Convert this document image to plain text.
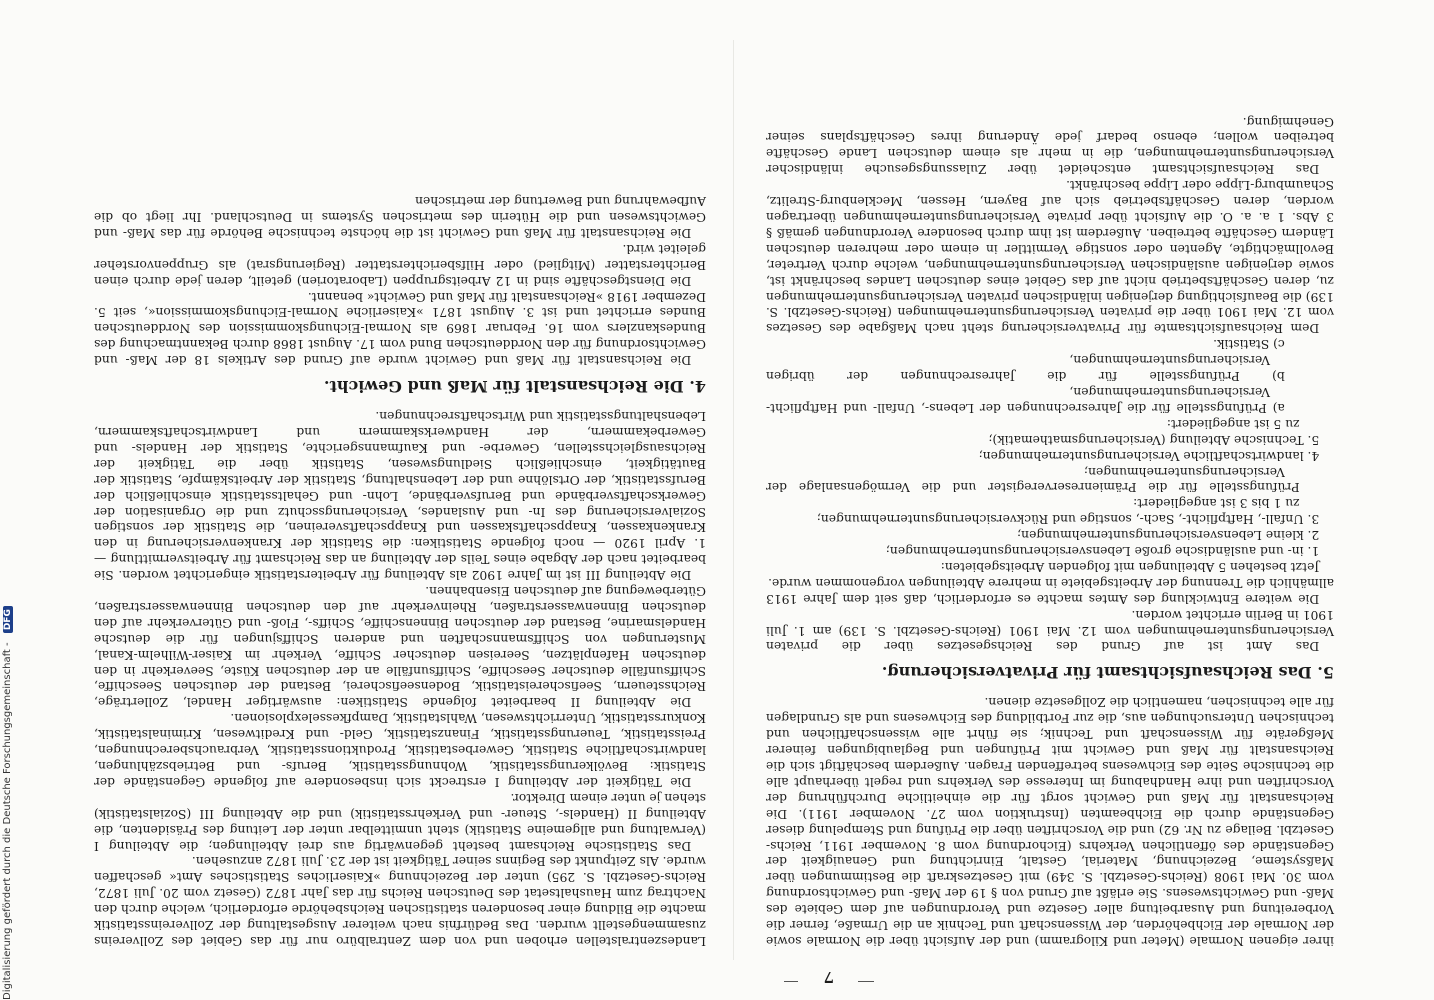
7

ihrer eigenen Normale (Meter und Kilogramm) und der Aufsicht über die Normale sowie der Normale der Eichbehörden, der Wissenschaft und Technik an die Urmaße, ferner die Vorbereitung und Ausarbeitung aller Gesetze und Verordnungen auf dem Gebiete des Maß- und Gewichtswesens. Sie erläßt auf Grund von § 19 der Maß- und Gewichtsordnung vom 30. Mai 1908 (Reichs-Gesetzbl. S. 349) mit Gesetzeskraft die Bestimmungen über Maßsysteme, Bezeichnung, Material, Gestalt, Einrichtung und Genauigkeit der Gegenstände des öffentlichen Verkehrs (Eichordnung vom 8. November 1911, Reichs-Gesetzbl. Beilage zu Nr. 62) und die Vorschriften über die Prüfung und Stempelung dieser Gegenstände durch die Eichbeamten (Instruktion vom 27. November 1911). Die Reichsanstalt für Maß und Gewicht sorgt für die einheitliche Durchführung der Vorschriften und ihre Handhabung im Interesse des Verkehrs und regelt überhaupt alle die technische Seite des Eichwesens betreffenden Fragen. Außerdem beschäftigt sich die Reichsanstalt für Maß und Gewicht mit Prüfungen und Beglaubigungen feinerer Meßgeräte für Wissenschaft und Technik; sie führt alle wissenschaftlichen und technischen Untersuchungen aus, die zur Fortbildung des Eichwesens und als Grundlagen für alle technischen, namentlich die Zollgesetze dienen.

5. Das Reichsaufsichtsamt für Privatversicherung.

Das Amt ist auf Grund des Reichsgesetzes über die privaten Versicherungsunternehmungen vom 12. Mai 1901 (Reichs-Gesetzbl. S. 139) am 1. Juli 1901 in Berlin errichtet worden.

Die weitere Entwicklung des Amtes machte es erforderlich, daß seit dem Jahre 1913 allmählich die Trennung der Arbeitsgebiete in mehrere Abteilungen vorgenommen wurde.

Jetzt bestehen 5 Abteilungen mit folgenden Arbeitsgebieten:

1. in- und ausländische große Lebensversicherungsunternehmungen;

2. kleine Lebensversicherungsunternehmungen;

3. Unfall-, Haftpflicht-, Sach-, sonstige und Rückversicherungsunternehmungen;

zu 1 bis 3 ist angegliedert:

Prüfungsstelle für die Prämienreserveregister und die Vermögensanlage der Versicherungsunternehmungen;

4. landwirtschaftliche Versicherungsunternehmungen;

5. Technische Abteilung (Versicherungsmathematik);

zu 5 ist angegliedert:

a) Prüfungsstelle für die Jahresrechnungen der Lebens-, Unfall- und Haftpflicht-Versicherungsunternehmungen,

b) Prüfungsstelle für die Jahresrechnungen der übrigen Versicherungsunternehmungen,

c) Statistik.

Dem Reichsaufsichtsamte für Privatversicherung steht nach Maßgabe des Gesetzes vom 12. Mai 1901 über die privaten Versicherungsunternehmungen (Reichs-Gesetzbl. S. 139) die Beaufsichtigung derjenigen inländischen privaten Versicherungsunternehmungen zu, deren Geschäftsbetrieb nicht auf das Gebiet eines deutschen Landes beschränkt ist, sowie derjenigen ausländischen Versicherungsunternehmungen, welche durch Vertreter, Bevollmächtigte, Agenten oder sonstige Vermittler in einem oder mehreren deutschen Ländern Geschäfte betreiben. Außerdem ist ihm durch besondere Verordnungen gemäß § 3 Abs. 1 a. a. O. die Aufsicht über private Versicherungsunternehmungen übertragen worden, deren Geschäftsbetrieb sich auf Bayern, Hessen, Mecklenburg-Strelitz, Schaumburg-Lippe oder Lippe beschränkt.

Das Reichsaufsichtsamt entscheidet über Zulassungsgesuche inländischer Versicherungsunternehmungen, die in mehr als einem deutschen Lande Geschäfte betreiben wollen; ebenso bedarf jede Änderung ihres Geschäftsplans seiner Genehmigung.

Landeszentralstellen erhoben und von dem Zentralbüro nur für das Gebiet des Zollvereins zusammengestellt wurden. Das Bedürfnis nach weiterer Ausgestaltung der Zollvereinsstatistik machte die Bildung einer besonderen statistischen Reichsbehörde erforderlich, welche durch den Nachtrag zum Haushaltsetat des Deutschen Reichs für das Jahr 1872 (Gesetz vom 20. Juli 1872, Reichs-Gesetzbl. S. 295) unter der Bezeichnung »Kaiserliches Statistisches Amt« geschaffen wurde. Als Zeitpunkt des Beginns seiner Tätigkeit ist der 23. Juli 1872 anzusehen.

Das Statistische Reichsamt besteht gegenwärtig aus drei Abteilungen; die Abteilung I (Verwaltung und allgemeine Statistik) steht unmittelbar unter der Leitung des Präsidenten, die Abteilung II (Handels-, Steuer- und Verkehrsstatistik) und die Abteilung III (Sozialstatistik) stehen je unter einem Direktor.

Die Tätigkeit der Abteilung I erstreckt sich insbesondere auf folgende Gegenstände der Statistik: Bevölkerungsstatistik, Wohnungsstatistik, Berufs- und Betriebszählungen, landwirtschaftliche Statistik, Gewerbestatistik, Produktionsstatistik, Verbrauchsberechnungen, Preisstatistik, Teuerungsstatistik, Finanzstatistik, Geld- und Kreditwesen, Kriminalstatistik, Konkursstatistik, Unterrichtswesen, Wahlstatistik, Dampfkesselexplosionen.

Die Abteilung II bearbeitet folgende Statistiken: auswärtiger Handel, Zollerträge, Reichssteuern, Seefischereistatistik, Bodenseefischerei, Bestand der deutschen Seeschiffe, Schiffsunfälle deutscher Seeschiffe, Schiffsunfälle an der deutschen Küste, Seeverkehr in den deutschen Hafenplätzen, Seereisen deutscher Schiffe, Verkehr im Kaiser-Wilhelm-Kanal, Musterungen von Schiffsmannschaften und anderen Schiffsjungen für die deutsche Handelsmarine, Bestand der deutschen Binnenschiffe, Schiffs-, Floß- und Güterverkehr auf den deutschen Binnenwasserstraßen, Rheinverkehr auf den deutschen Binnenwasserstraßen, Güterbewegung auf deutschen Eisenbahnen.

Die Abteilung III ist im Jahre 1902 als Abteilung für Arbeiterstatistik eingerichtet worden. Sie bearbeitet nach der Abgabe eines Teils der Abteilung an das Reichsamt für Arbeitsvermittlung — 1. April 1920 — noch folgende Statistiken: die Statistik der Krankenversicherung in den Krankenkassen, Knappschaftskassen und Knappschaftsvereinen, die Statistik der sonstigen Sozialversicherung des In- und Auslandes, Versicherungsschutz und die Organisation der Gewerkschaftsverbände und Berufsverbände, Lohn- und Gehaltsstatistik einschließlich der Berufsstatistik, der Ortslöhne und der Lebenshaltung, Statistik der Arbeitskämpfe, Statistik der Bautätigkeit, einschließlich Siedlungswesen, Statistik über die Tätigkeit der Reichsausgleichsstellen, Gewerbe- und Kaufmannsgerichte, Statistik der Handels- und Gewerbekammern, der Handwerkskammern und Landwirtschaftskammern, Lebenshaltungsstatistik und Wirtschaftsrechnungen.

4. Die Reichsanstalt für Maß und Gewicht.

Die Reichsanstalt für Maß und Gewicht wurde auf Grund des Artikels 18 der Maß- und Gewichtsordnung für den Norddeutschen Bund vom 17. August 1868 durch Bekanntmachung des Bundeskanzlers vom 16. Februar 1869 als Normal-Eichungskommission des Norddeutschen Bundes errichtet und ist 3. August 1871 »Kaiserliche Normal-Eichungskommission«, seit 5. Dezember 1918 »Reichsanstalt für Maß und Gewicht« benannt.

Die Dienstgeschäfte sind in 12 Arbeitsgruppen (Laboratorien) geteilt, deren jede durch einen Berichterstatter (Mitglied) oder Hilfsberichterstatter (Regierungsrat) als Gruppenvorsteher geleitet wird.

Die Reichsanstalt für Maß und Gewicht ist die höchste technische Behörde für das Maß- und Gewichtswesen und die Hüterin des metrischen Systems in Deutschland. Ihr liegt ob die Aufbewahrung und Bewertung der metrischen

Digitalisierung gefördert durch die Deutsche Forschungsgemeinschaft - DFG
